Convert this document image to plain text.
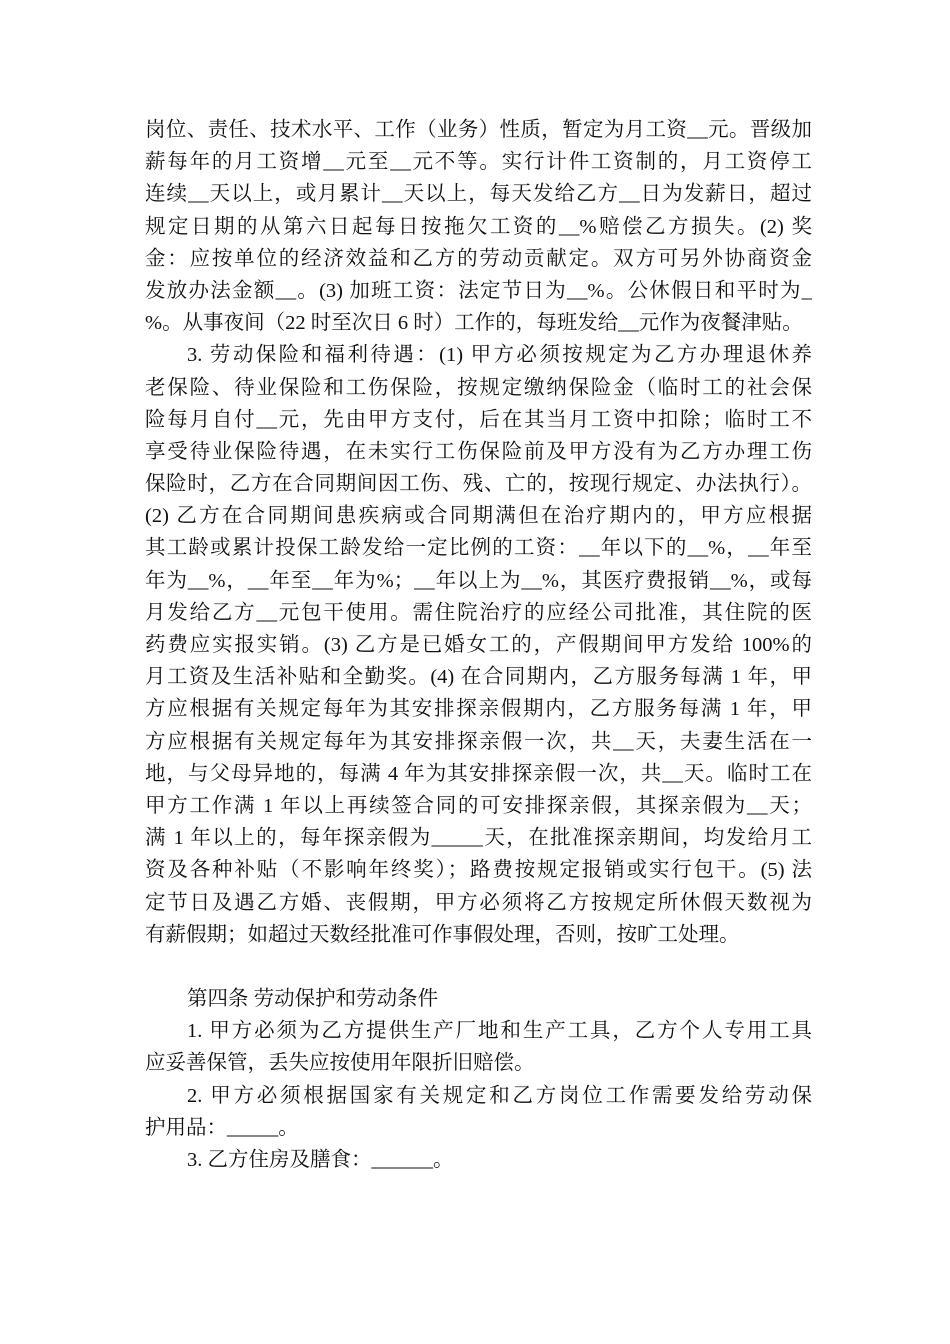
岗位、责任、技术水平、工作（业务）性质，暂定为月工资__元。晋级加
薪每年的月工资增__元至__元不等。实行计件工资制的，月工资停工
连续__天以上，或月累计__天以上，每天发给乙方__日为发薪日，超过
规定日期的从第六日起每日按拖欠工资的__%赔偿乙方损失。(2) 奖
金：应按单位的经济效益和乙方的劳动贡献定。双方可另外协商资金
发放办法金额__。(3) 加班工资：法定节日为__%。公休假日和平时为_
%。从事夜间（22 时至次日 6 时）工作的，每班发给__元作为夜餐津贴。
3. 劳动保险和福利待遇：(1) 甲方必须按规定为乙方办理退休养
老保险、待业保险和工伤保险，按规定缴纳保险金（临时工的社会保
险每月自付__元，先由甲方支付，后在其当月工资中扣除；临时工不
享受待业保险待遇，在未实行工伤保险前及甲方没有为乙方办理工伤
保险时，乙方在合同期间因工伤、残、亡的，按现行规定、办法执行）。
(2) 乙方在合同期间患疾病或合同期满但在治疗期内的，甲方应根据
其工龄或累计投保工龄发给一定比例的工资：__年以下的__%，__年至
年为__%，__年至__年为%；__年以上为__%，其医疗费报销__%，或每
月发给乙方__元包干使用。需住院治疗的应经公司批准，其住院的医
药费应实报实销。(3) 乙方是已婚女工的，产假期间甲方发给 100%的
月工资及生活补贴和全勤奖。(4) 在合同期内，乙方服务每满 1 年，甲
方应根据有关规定每年为其安排探亲假期内，乙方服务每满 1 年，甲
方应根据有关规定每年为其安排探亲假一次，共__天，夫妻生活在一
地，与父母异地的，每满 4 年为其安排探亲假一次，共__天。临时工在
甲方工作满 1 年以上再续签合同的可安排探亲假，其探亲假为__天；
满 1 年以上的，每年探亲假为_____天，在批准探亲期间，均发给月工
资及各种补贴（不影响年终奖）；路费按规定报销或实行包干。(5) 法
定节日及遇乙方婚、丧假期，甲方必须将乙方按规定所休假天数视为
有薪假期；如超过天数经批准可作事假处理，否则，按旷工处理。
第四条 劳动保护和劳动条件
1. 甲方必须为乙方提供生产厂地和生产工具，乙方个人专用工具
应妥善保管，丢失应按使用年限折旧赔偿。
2. 甲方必须根据国家有关规定和乙方岗位工作需要发给劳动保
护用品：_____。
3. 乙方住房及膳食：______。
